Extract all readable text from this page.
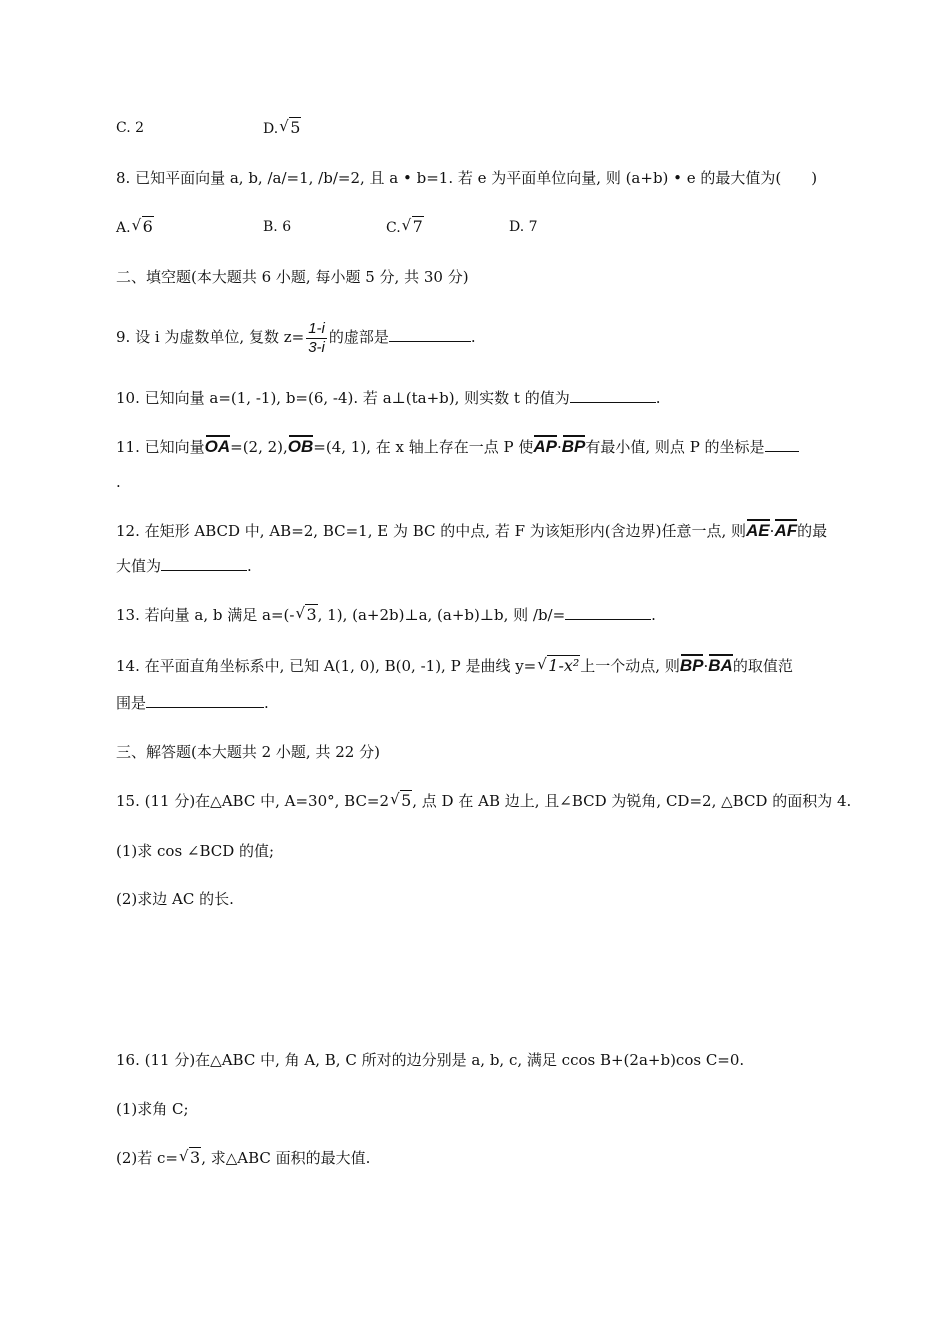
C. 2	D. √ 5
8. 已知平面向量 a, b, /a/=1, /b/=2, 且 a • b=1. 若 e 为平面单位向量, 则 (a+b) • e 的最大值为(　　)
A. √ 6	B. 6	C. √ 7	D. 7
二、填空题(本大题共 6 小题, 每小题 5 分, 共 30 分)
9. 设 i 为虚数单位, 复数 $z= \frac{1-i}{3-i}$ 的虚部是	.
10. 已知向量 a=(1, -1), b=(6, -4). 若 a⊥(ta+b), 则实数 t 的值为	.
11. 已知向量OA=(2, 2),OB=(4, 1), 在 x 轴上存在一点 P 使AP·BP有最小值, 则点 P 的坐标是
.
12. 在矩形 ABCD 中, AB=2, BC=1, E 为 BC 的中点, 若 F 为该矩形内(含边界)任意一点, 则AE·AF的最
大值为	.
13. 若向量 a, b 满足 a=(- √ 3, 1), (a+2b)⊥a, (a+b)⊥b, 则 /b/=	.
14. 在平面直角坐标系中, 已知 A(1, 0), B(0, -1), P 是曲线 y= √ 1-x²上一个动点, 则BP·BA的取值范
围是	.
三、解答题(本大题共 2 小题, 共 22 分)
15. (11 分)在△ABC 中, A=30°, BC=2 √ 5, 点 D 在 AB 边上, 且∠BCD 为锐角, CD=2, △BCD 的面积为 4.
(1)求 cos ∠BCD 的值;
(2)求边 AC 的长.
16. (11 分)在△ABC 中, 角 A, B, C 所对的边分别是 a, b, c, 满足 ccos B+(2a+b)cos C=0.
(1)求角 C;
(2)若 c= √ 3, 求△ABC 面积的最大值.
